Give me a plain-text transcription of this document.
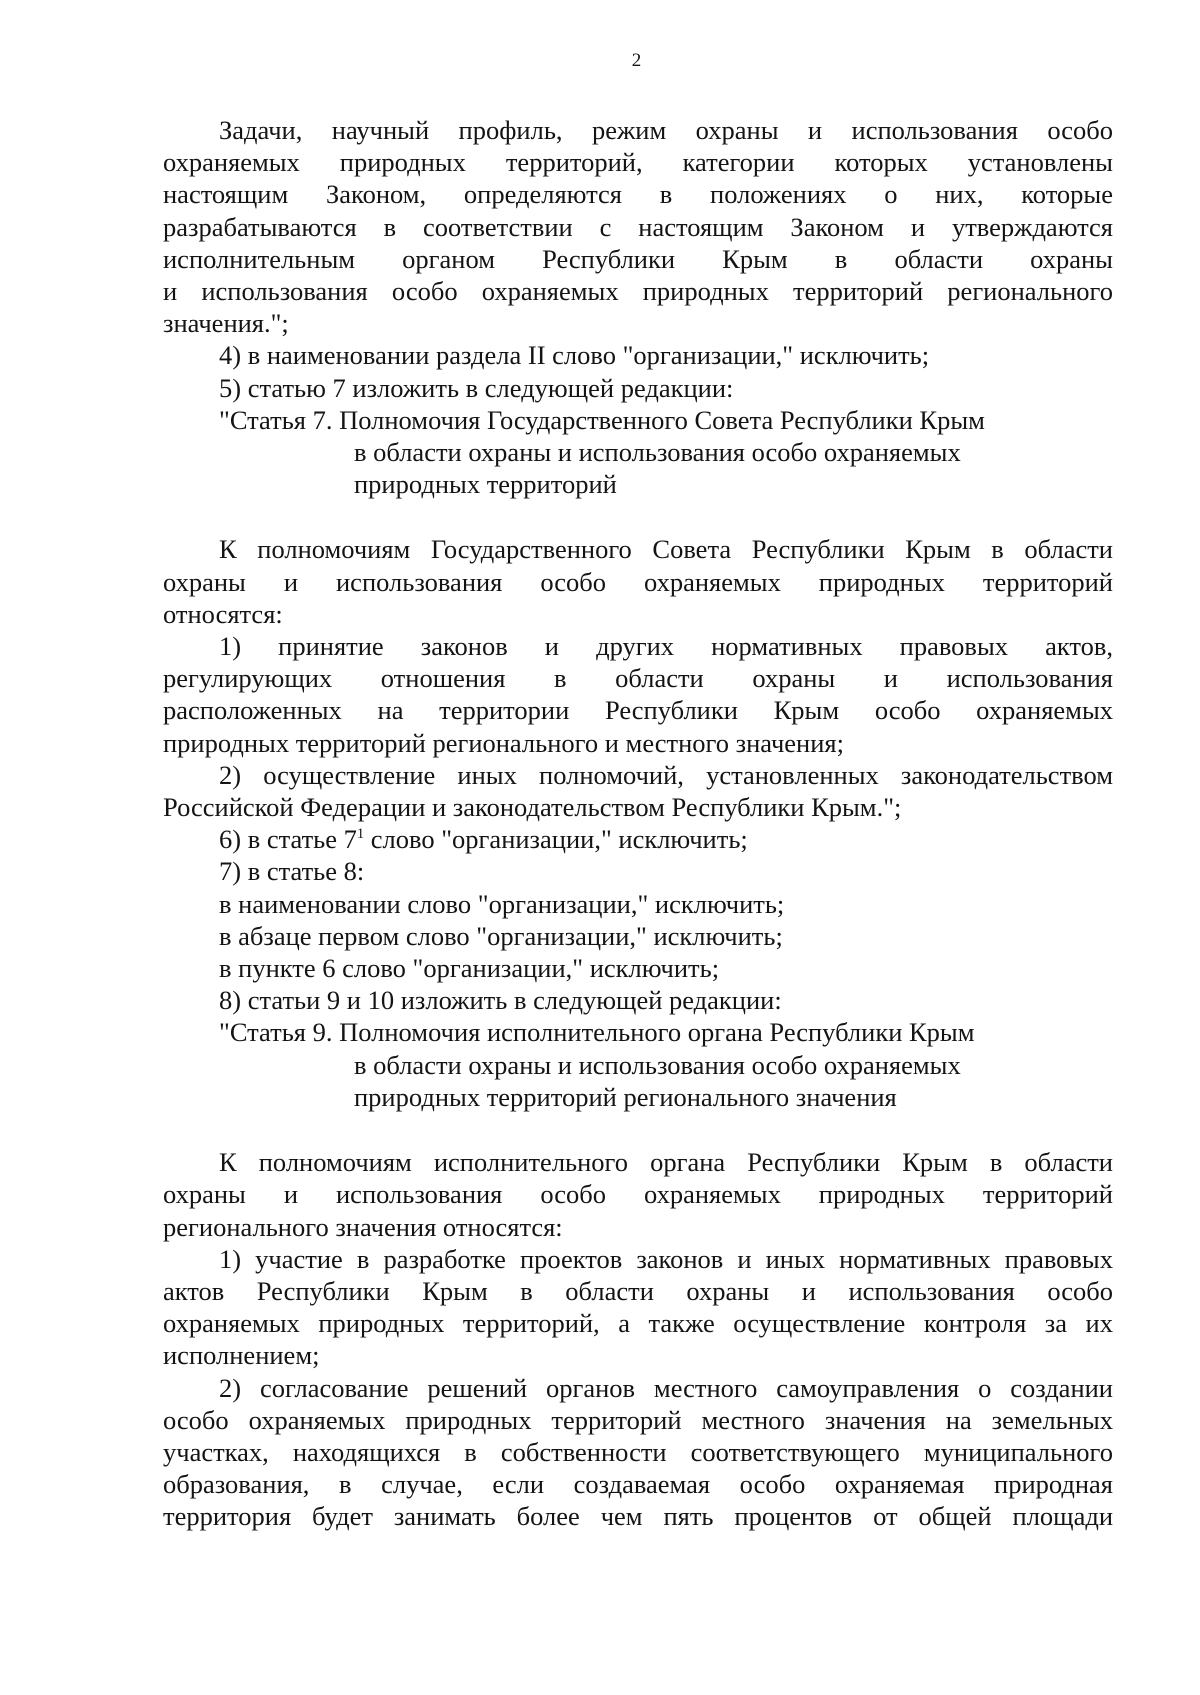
2

Задачи, научный профиль, режим охраны и использования особо

охраняемых природных территорий, категории которых установлены

настоящим Законом, определяются в положениях о них, которые

разрабатываются в соответствии с настоящим Законом и утверждаются

исполнительным органом Республики Крым в области охраны

и использования особо охраняемых природных территорий регионального

значения.";

4) в наименовании раздела II слово "организации," исключить;

5) статью 7 изложить в следующей редакции:

"Статья 7. Полномочия Государственного Совета Республики Крым

в области охраны и использования особо охраняемых

природных территорий

К полномочиям Государственного Совета Республики Крым в области

охраны и использования особо охраняемых природных территорий

относятся:

1) принятие законов и других нормативных правовых актов,

регулирующих отношения в области охраны и использования

расположенных на территории Республики Крым особо охраняемых

природных территорий регионального и местного значения;

2) осуществление иных полномочий, установленных законодательством

Российской Федерации и законодательством Республики Крым.";

6) в статье $7^1$ слово "организации," исключить;

7) в статье 8:

в наименовании слово "организации," исключить;

в абзаце первом слово "организации," исключить;

в пункте 6 слово "организации," исключить;

8) статьи 9 и 10 изложить в следующей редакции:

"Статья 9. Полномочия исполнительного органа Республики Крым

в области охраны и использования особо охраняемых

природных территорий регионального значения

К полномочиям исполнительного органа Республики Крым в области

охраны и использования особо охраняемых природных территорий

регионального значения относятся:

1) участие в разработке проектов законов и иных нормативных правовых

актов Республики Крым в области охраны и использования особо

охраняемых природных территорий, а также осуществление контроля за их

исполнением;

2) согласование решений органов местного самоуправления о создании

особо охраняемых природных территорий местного значения на земельных

участках, находящихся в собственности соответствующего муниципального

образования, в случае, если создаваемая особо охраняемая природная

территория будет занимать более чем пять процентов от общей площади
